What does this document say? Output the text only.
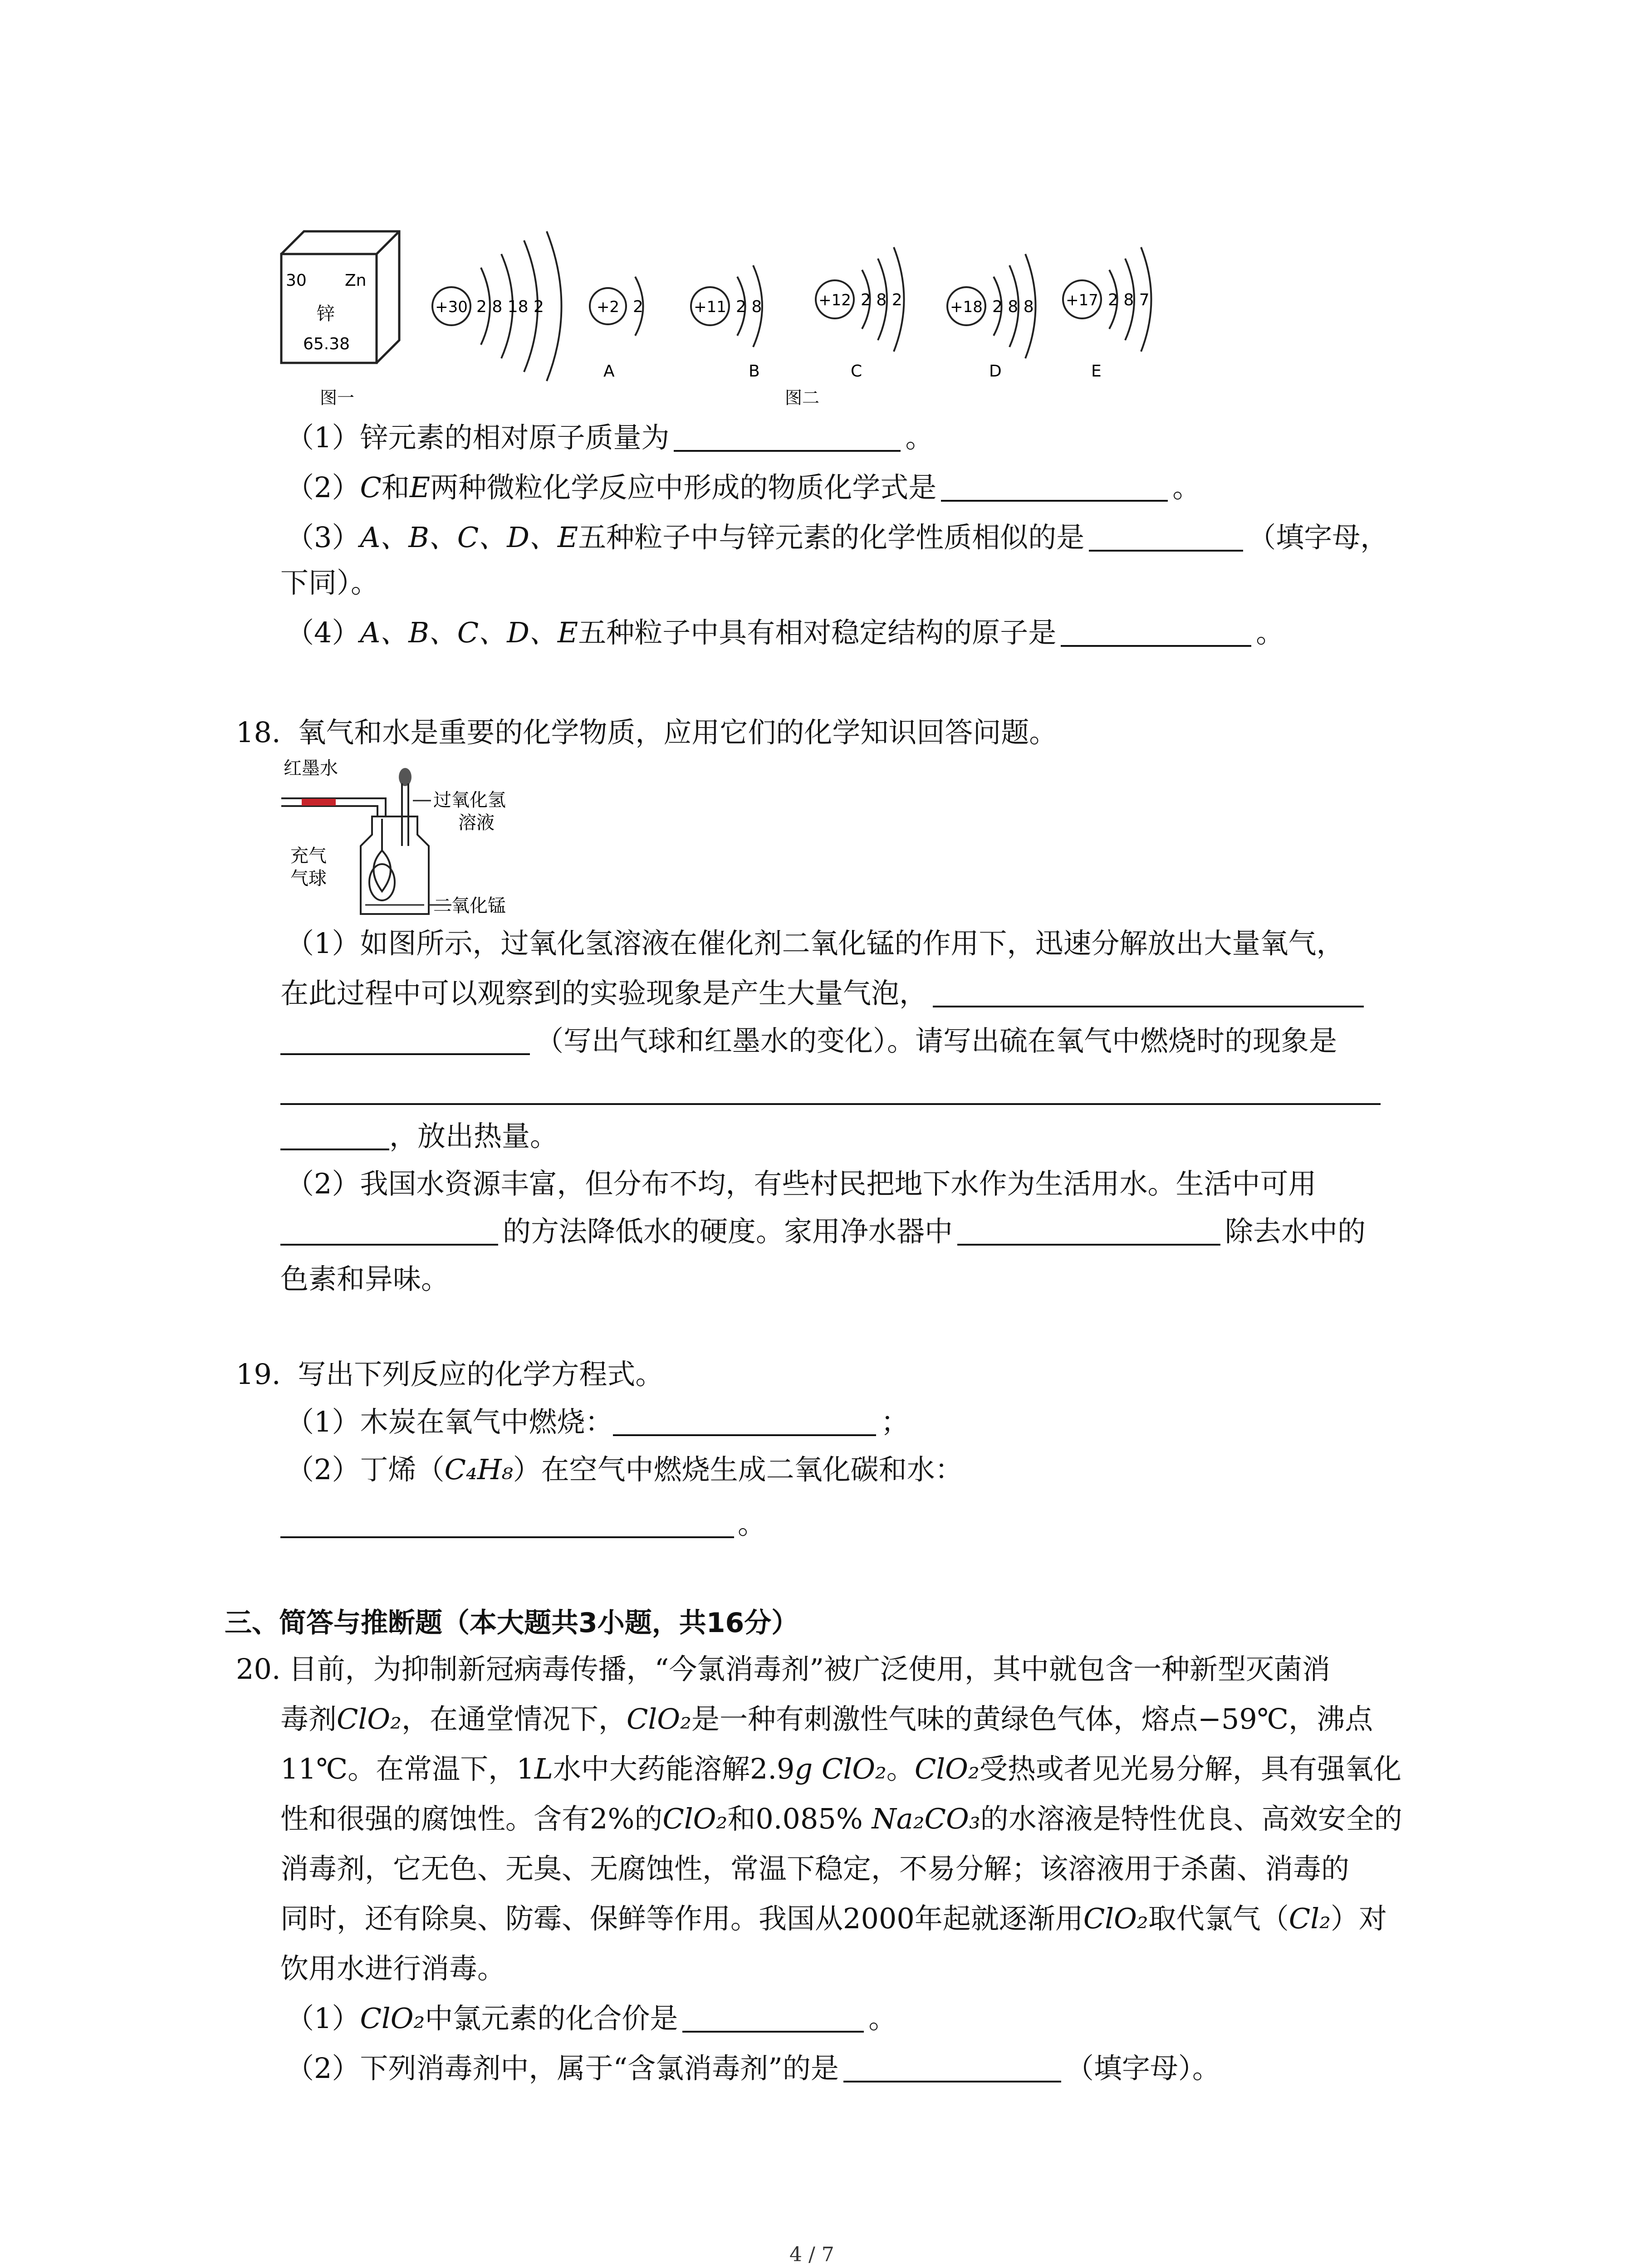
30 Zn
锌
65.38
图一
+30 2 8 18 2	+2 2
A
+11 2 8
B
+12 2 8 2
C
+18 2 8 8
D
+17 2 8 7
E
图二
（1）锌元素的相对原子质量为	。
（2）C和E两种微粒化学反应中形成的物质化学式是	。
（3）A、B、C、D、E五种粒子中与锌元素的化学性质相似的是	（填字母，
下同）。
（4）A、B、C、D、E五种粒子中具有相对稳定结构的原子是	。
18. 氧气和水是重要的化学物质，应用它们的化学知识回答问题。
红墨水
过氧化氢
溶液
充气
气球
二氧化锰
（1）如图所示，过氧化氢溶液在催化剂二氧化锰的作用下，迅速分解放出大量氧气，
在此过程中可以观察到的实验现象是产生大量气泡，
（写出气球和红墨水的变化）。请写出硫在氧气中燃烧时的现象是
，放出热量。
（2）我国水资源丰富，但分布不均，有些村民把地下水作为生活用水。生活中可用
的方法降低水的硬度。家用净水器中	除去水中的
色素和异味。
19. 写出下列反应的化学方程式。
（1）木炭在氧气中燃烧：	；
（2）丁烯（C₄H₈）在空气中燃烧生成二氧化碳和水：
。
三、简答与推断题（本大题共3小题，共16分）
20. 目前，为抑制新冠病毒传播，“今氯消毒剂”被广泛使用，其中就包含一种新型灭菌消
毒剂ClO₂，在通堂情况下，ClO₂是一种有刺激性气味的黄绿色气体，熔点−59℃，沸点
11℃。在常温下，1L水中大药能溶解2.9g ClO₂。ClO₂受热或者见光易分解，具有强氧化
性和很强的腐蚀性。含有2%的ClO₂和0.085% Na₂CO₃的水溶液是特性优良、高效安全的
消毒剂，它无色、无臭、无腐蚀性，常温下稳定，不易分解；该溶液用于杀菌、消毒的
同时，还有除臭、防霉、保鲜等作用。我国从2000年起就逐渐用ClO₂取代氯气（Cl₂）对
饮用水进行消毒。
（1）ClO₂中氯元素的化合价是	。
（2）下列消毒剂中，属于“含氯消毒剂”的是	（填字母）。
4 / 7
